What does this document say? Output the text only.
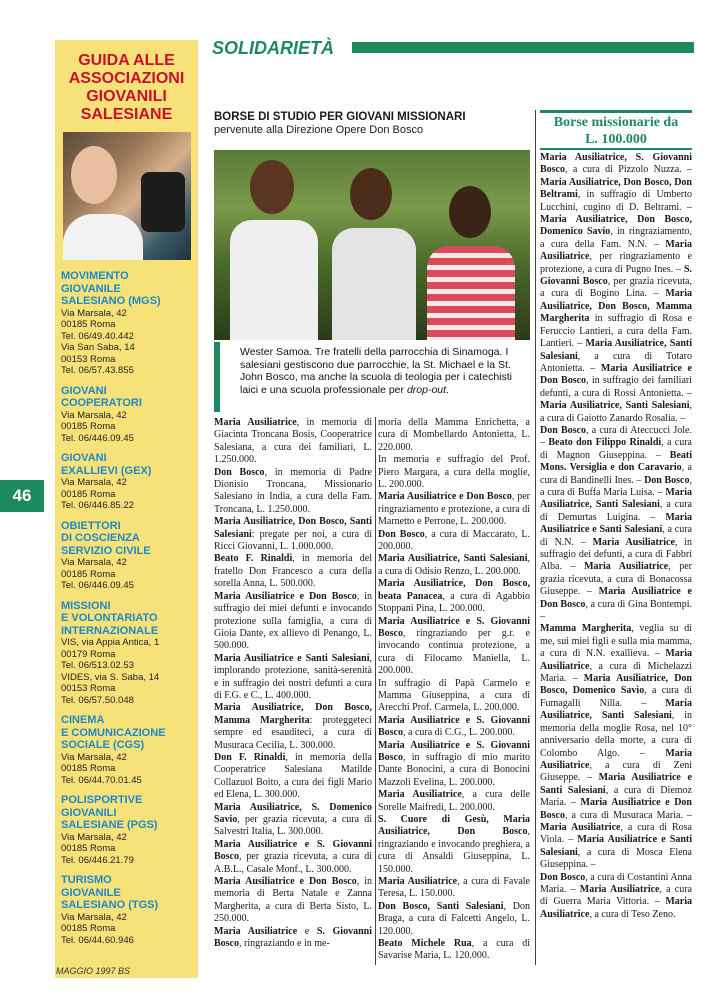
GUIDA ALLE
ASSOCIAZIONI
GIOVANILI
SALESIANE
MOVIMENTO
GIOVANILE
SALESIANO (MGS)
Via Marsala, 42
00185 Roma
Tel. 06/49.40.442
Via San Saba, 14
00153 Roma
Tel. 06/57.43.855
GIOVANI
COOPERATORI
Via Marsala, 42
00185 Roma
Tel. 06/446.09.45
GIOVANI
EXALLIEVI (GEX)
Via Marsala, 42
00185 Roma
Tel. 06/446.85.22
OBIETTORI
DI COSCIENZA
SERVIZIO CIVILE
Via Marsala, 42
00185 Roma
Tel. 06/446.09.45
MISSIONI
E VOLONTARIATO
INTERNAZIONALE
VIS, via Appia Antica, 1
00179 Roma
Tel. 06/513.02.53
VIDES, via S. Saba, 14
00153 Roma
Tel. 06/57.50.048
CINEMA
E COMUNICAZIONE
SOCIALE (CGS)
Via Marsala, 42
00185 Roma
Tel. 06/44.70.01.45
POLISPORTIVE
GIOVANILI
SALESIANE (PGS)
Via Marsala, 42
00185 Roma
Tel. 06/446.21.79
TURISMO
GIOVANILE
SALESIANO (TGS)
Via Marsala, 42
00185 Roma
Tel. 06/44.60.946
46
MAGGIO 1997 BS
SOLIDARIETÀ
BORSE DI STUDIO PER GIOVANI MISSIONARI
pervenute alla Direzione Opere Don Bosco
Wester Samoa. Tre fratelli della parrocchia di Sinamoga. I salesiani gestiscono due parrocchie, la St. Michael e la St. John Bosco, ma anche la scuola di teologia per i catechisti laici e una scuola professionale per drop-out.

Maria Ausiliatrice, in memoria di Giacinta Troncana Bosis, Cooperatrice Salesiana, a cura dei familiari, L. 1.250.000.

Don Bosco, in memoria di Padre Dionisio Troncana, Missionario Salesiano in India, a cura della Fam. Troncana, L. 1.250.000.

Maria Ausiliatrice, Don Bosco, Santi Salesiani: pregate per noi, a cura di Ricci Giovanni, L. 1.000.000.

Beato F. Rinaldi, in memoria del fratello Don Francesco a cura della sorella Anna, L. 500.000.

Maria Ausiliatrice e Don Bosco, in suffragio dei miei defunti e invocando protezione sulla famiglia, a cura di Gioia Dante, ex allievo di Penango, L. 500.000.

Maria Ausiliatrice e Santi Salesiani, implorando protezione, sanità-serenità e in suffragio dei nostri defunti a cura di F.G. e C., L. 400.000.

Maria Ausiliatrice, Don Bosco, Mamma Margherita: proteggeteci sempre ed esauditeci, a cura di Musuraca Cecilia, L. 300.000.

Don F. Rinaldi, in memoria della Cooperatrice Salesiana Matilde Collazuol Boito, a cura dei figli Mario ed Elena, L. 300.000.

Maria Ausiliatrice, S. Domenico Savio, per grazia ricevuta, a cura di Salvestri Italia, L. 300.000.

Maria Ausiliatrice e S. Giovanni Bosco, per grazia ricevuta, a cura di A.B.L., Casale Monf., L. 300.000.

Maria Ausiliatrice e Don Bosco, in memoria di Berta Natale e Zanna Margherita, a cura di Berta Sisto, L. 250.000.

Maria Ausiliatrice e S. Giovanni Bosco, ringraziando e in me-

moria della Mamma Enrichetta, a cura di Mombellardo Antonietta, L. 220.000.

In memoria e suffragio del Prof. Piero Margara, a cura della moglie, L. 200.000.

Maria Ausiliatrice e Don Bosco, per ringraziamento e protezione, a cura di Marnetto e Perrone, L. 200.000.

Don Bosco, a cura di Maccarato, L. 200.000.

Maria Ausiliatrice, Santi Salesiani, a cura di Odisio Renzo, L. 200.000.

Maria Ausiliatrice, Don Bosco, beata Panacea, a cura di Agabbio Stoppani Pina, L. 200.000.

Maria Ausiliatrice e S. Giovanni Bosco, ringraziando per g.r. e invocando continua protezione, a cura di Filocamo Maniella, L. 200.000.

In suffragio di Papà Carmelo e Mamma Giuseppina, a cura di Arecchi Prof. Carmela, L. 200.000.

Maria Ausiliatrice e S. Giovanni Bosco, a cura di C.G., L. 200.000.

Maria Ausiliatrice e S. Giovanni Bosco, in suffragio di mio marito Dante Bonocini, a cura di Bonocini Mazzoli Evelina, L. 200.000.

Maria Ausiliatrice, a cura delle Sorelle Maifredi, L. 200.000.

S. Cuore di Gesù, Maria Ausiliatrice, Don Bosco, ringraziando e invocando preghiera, a cura di Ansaldi Giuseppina, L. 150.000.

Maria Ausiliatrice, a cura di Favale Teresa, L. 150.000.

Don Bosco, Santi Salesiani, Don Braga, a cura di Falcetti Angelo, L. 120.000.

Beato Michele Rua, a cura di Savarise Maria, L. 120.000.

Borse missionarie da
L. 100.000

Maria Ausiliatrice, S. Giovanni Bosco, a cura di Pizzolo Nuzza. – Maria Ausiliatrice, Don Bosco, Don Beltrami, in suffragio di Umberto Lucchini, cugino di D. Beltrami. – Maria Ausiliatrice, Don Bosco, Domenico Savio, in ringraziamento, a cura della Fam. N.N. – Maria Ausiliatrice, per ringraziamento e protezione, a cura di Pugno Ines. – S. Giovanni Bosco, per grazia ricevuta, a cura di Bogino Lina. – Maria Ausiliatrice, Don Bosco, Mamma Margherita in suffragio di Rosa e Feruccio Lantieri, a cura della Fam. Lantieri. – Maria Ausiliatrice, Santi Salesiani, a cura di Totaro Antonietta. – Maria Ausiliatrice e Don Bosco, in suffragio dei familiari defunti, a cura di Rossi Antonietta. – Maria Ausiliatrice, Santi Salesiani, a cura di Gaiotto Zanardo Rosalia. –

Don Bosco, a cura di Ateccucci Jole. – Beato don Filippo Rinaldi, a cura di Magnon Giuseppina. – Beati Mons. Versiglia e don Caravario, a cura di Bandinelli Ines. – Don Bosco, a cura di Buffa Maria Luisa. – Maria Ausiliatrice, Santi Salesiani, a cura di Demurtas Luigina. – Maria Ausiliatrice e Santi Salesiani, a cura di N.N. – Maria Ausiliatrice, in suffragio dei defunti, a cura di Fabbri Alba. – Maria Ausiliatrice, per grazia ricevuta, a cura di Bonacossa Giuseppe. – Maria Ausiliatrice e Don Bosco, a cura di Gina Bontempi. –

Mamma Margherita, veglia su di me, sui miei figli e sulla mia mamma, a cura di N.N. exallieva. – Maria Ausiliatrice, a cura di Michelazzi Maria. – Maria Ausiliatrice, Don Bosco, Domenico Savio, a cura di Fumagalli Nilla. – Maria Ausiliatrice, Santi Salesiani, in memoria della moglie Rosa, nel 10° anniversario della morte, a cura di Colombo Algo. – Maria Ausiliatrice, a cura di Zeni Giuseppe. – Maria Ausiliatrice e Santi Salesiani, a cura di Diemoz Maria. – Maria Ausiliatrice e Don Bosco, a cura di Musuraca Maria. – Maria Ausiliatrice, a cura di Rosa Viola. – Maria Ausiliatrice e Santi Salesiani, a cura di Mosca Elena Giuseppina. –

Don Bosco, a cura di Costantini Anna Maria. – Maria Ausiliatrice, a cura di Guerra Maria Vittoria. – Maria Ausiliatrice, a cura di Teso Zeno.
